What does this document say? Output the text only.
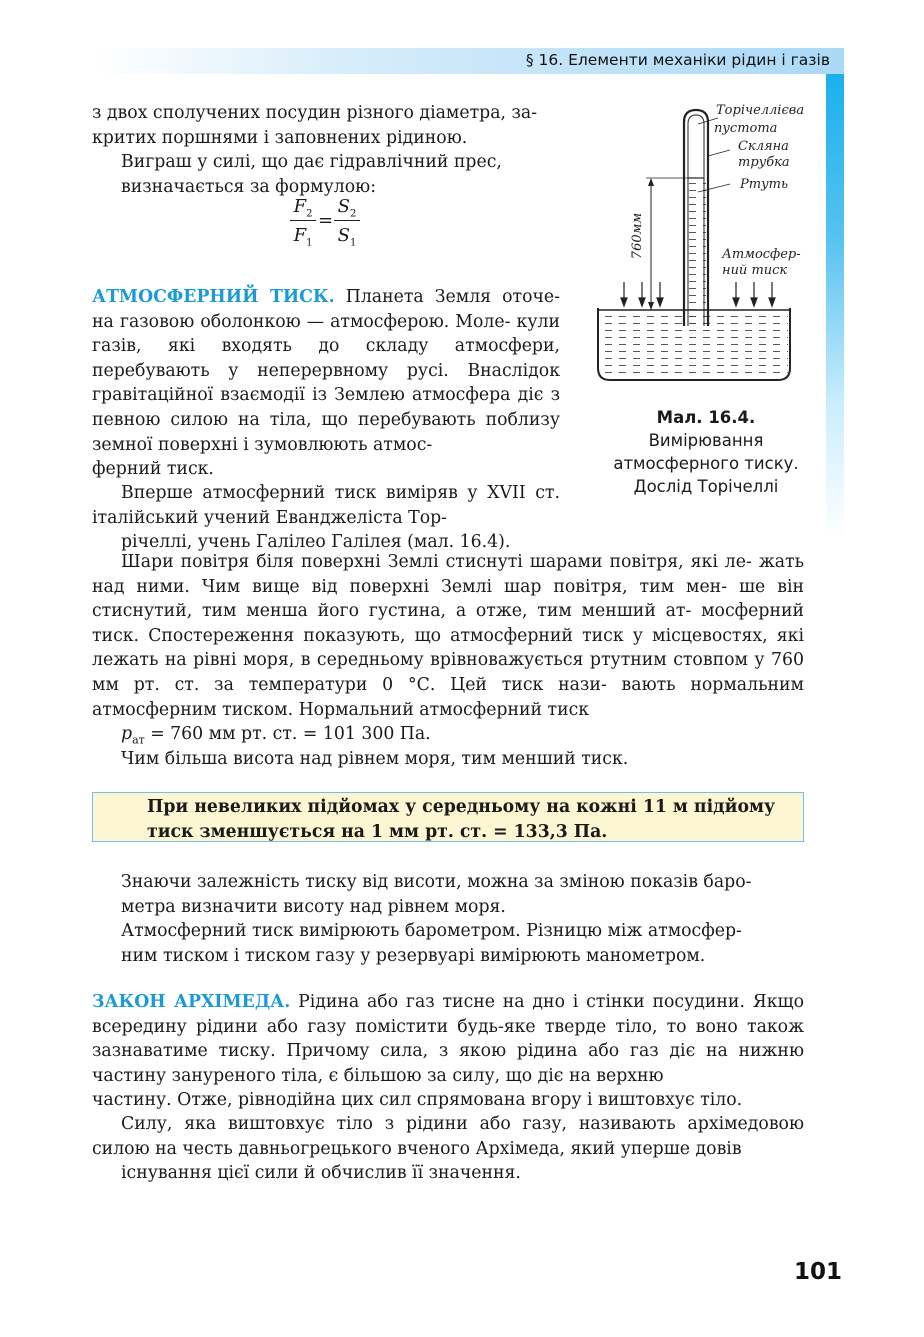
§ 16. Елементи механіки рідин і газів

з двох сполучених посудин різного діаметра, за-
критих поршнями і заповнених рідиною.

Виграш у силі, що дає гідравлічний прес,
визначається за формулою:

$\frac{F_2}{F_1} = \frac{S_2}{S_1}$

АТМОСФЕРНИЙ ТИСК. Планета Земля оточе- на газовою оболонкою — атмосферою. Моле- кули газів, які входять до складу атмосфери, перебувають у неперервному русі. Внаслідок гравітаційної взаємодії із Землею атмосфера діє з певною силою на тіла, що перебувають поблизу земної поверхні і зумовлюють атмос-
ферний тиск.

Вперше атмосферний тиск виміряв у XVII ст. італійський учений Еванджеліста Тор-
річеллі, учень Галілео Галілея (мал. 16.4).

760мм
Торічеллієва
пустота
Скляна
трубка
Ртуть
Атмосфер-
ний тиск
Мал. 16.4.
Вимірювання
атмосферного тиску.
Дослід Торічеллі

Шари повітря біля поверхні Землі стиснуті шарами повітря, які ле- жать над ними. Чим вище від поверхні Землі шар повітря, тим мен- ше він стиснутий, тим менша його густина, а отже, тим менший ат- мосферний тиск. Спостереження показують, що атмосферний тиск у місцевостях, які лежать на рівні моря, в середньому врівноважується ртутним стовпом у 760 мм рт. ст. за температури 0 °С. Цей тиск нази- вають нормальним атмосферним тиском. Нормальний атмосферний тиск
$p_{ат} = 760$ мм рт. ст. = 101 300 Па.

Чим більша висота над рівнем моря, тим менший тиск.

При невеликих підйомах у середньому на кожні 11 м підйому
тиск зменшується на 1 мм рт. ст. = 133,3 Па.

Знаючи залежність тиску від висоти, можна за зміною показів баро-
метра визначити висоту над рівнем моря.

Атмосферний тиск вимірюють барометром. Різницю між атмосфер-
ним тиском і тиском газу у резервуарі вимірюють манометром.

ЗАКОН АРХІМЕДА. Рідина або газ тисне на дно і стінки посудини. Якщо всередину рідини або газу помістити будь-яке тверде тіло, то воно також зазнаватиме тиску. Причому сила, з якою рідина або газ діє на нижню частину зануреного тіла, є більшою за силу, що діє на верхню
частину. Отже, рівнодійна цих сил спрямована вгору і виштовхує тіло.

Силу, яка виштовхує тіло з рідини або газу, називають архімедовою силою на честь давньогрецького вченого Архімеда, який уперше довів
існування цієї сили й обчислив її значення.

101
